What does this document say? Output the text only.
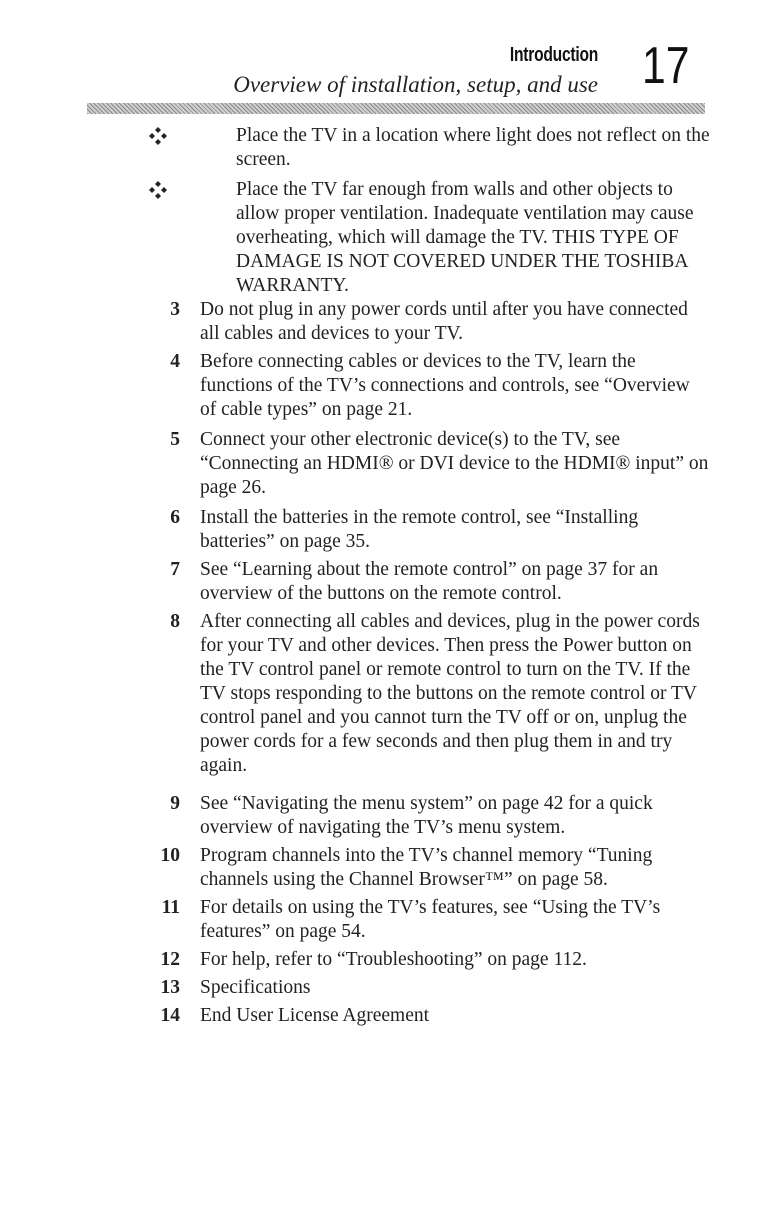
Introduction
Overview of installation, setup, and use 17
Place the TV in a location where light does not reflect on the screen.
Place the TV far enough from walls and other objects to allow proper ventilation. Inadequate ventilation may cause overheating, which will damage the TV. THIS TYPE OF DAMAGE IS NOT COVERED UNDER THE TOSHIBA WARRANTY.
3 Do not plug in any power cords until after you have connected all cables and devices to your TV.
4 Before connecting cables or devices to the TV, learn the functions of the TV’s connections and controls, see “Overview of cable types” on page 21.
5 Connect your other electronic device(s) to the TV, see “Connecting an HDMI® or DVI device to the HDMI® input” on page 26.
6 Install the batteries in the remote control, see “Installing batteries” on page 35.
7 See “Learning about the remote control” on page 37 for an overview of the buttons on the remote control.
8 After connecting all cables and devices, plug in the power cords for your TV and other devices. Then press the Power button on the TV control panel or remote control to turn on the TV. If the TV stops responding to the buttons on the remote control or TV control panel and you cannot turn the TV off or on, unplug the power cords for a few seconds and then plug them in and try again.
9 See “Navigating the menu system” on page 42 for a quick overview of navigating the TV’s menu system.
10 Program channels into the TV’s channel memory “Tuning channels using the Channel Browser™” on page 58.
11 For details on using the TV’s features, see “Using the TV’s features” on page 54.
12 For help, refer to “Troubleshooting” on page 112.
13 Specifications
14 End User License Agreement
